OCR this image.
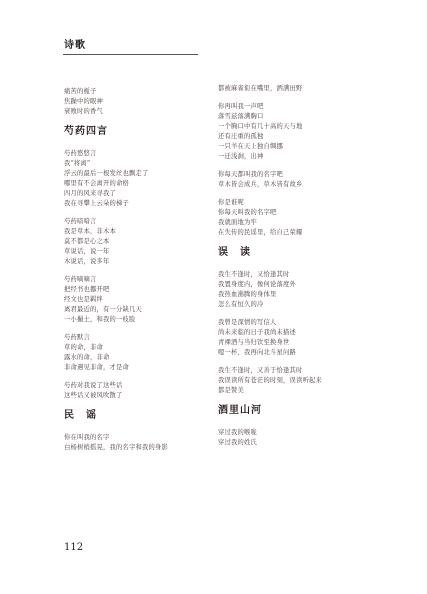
诗歌
痛苦的栀子
焦躁中的眼神
衰败时的香气
芍药四言
芍药悠悠言
我“将离”
浮云的最后一根发丝也飘走了
哪里有不会离开的命格
四月的风来寻我了
我在寻攀上云朵的梯子
芍药喑喑言
我是草本，非木本
莫不都是心之本
草说话，说一年
木说话，说多年
芍药嘀嘀言
把经书也挪开吧
经文也是羁绊
离君最近的，有一分缺几天
一小撮土，和我的一枝脸
芍药默言
草的命，非命
露水的命，非命
非命遇见非命，才是命
芍药对我说了这些话
这些话又被风吹散了
民　谣
你在叫我的名字
白杨树梢摇晃，我的名字和我的身影
都被麻雀衔在嘴里，洒满田野
你再叫我一声吧
落雪兹落满胸口
一个胸口中有几十高的天与地
还有庄重的孤独
一只羊在天上独自绸挪
一迁浅涧，出神
你每天都叫我的名字吧
草木皆会成兵，草木皆有故乡
你是谁呢
你每天叫我的名字吧
我就面地为牢
在失传的民谣里，给自己荣耀
误　读
我生不逢时，又恰逢其时
我置身度内，像何论落度外
我热血沸腾的身体里
怎么有恒久的冷
我曾是深情的写信人
尚未来临的日子我尚未描述
青裸酒与当归饮至换身世
嗯一杯，我再向北斗星问路
我生不逢时，又善于恰逢其时
我误读所有苍茫的时刻，误读听起来
都是赞美
酒里山河
穿过我的喉咙
穿过我的姓氏
112
